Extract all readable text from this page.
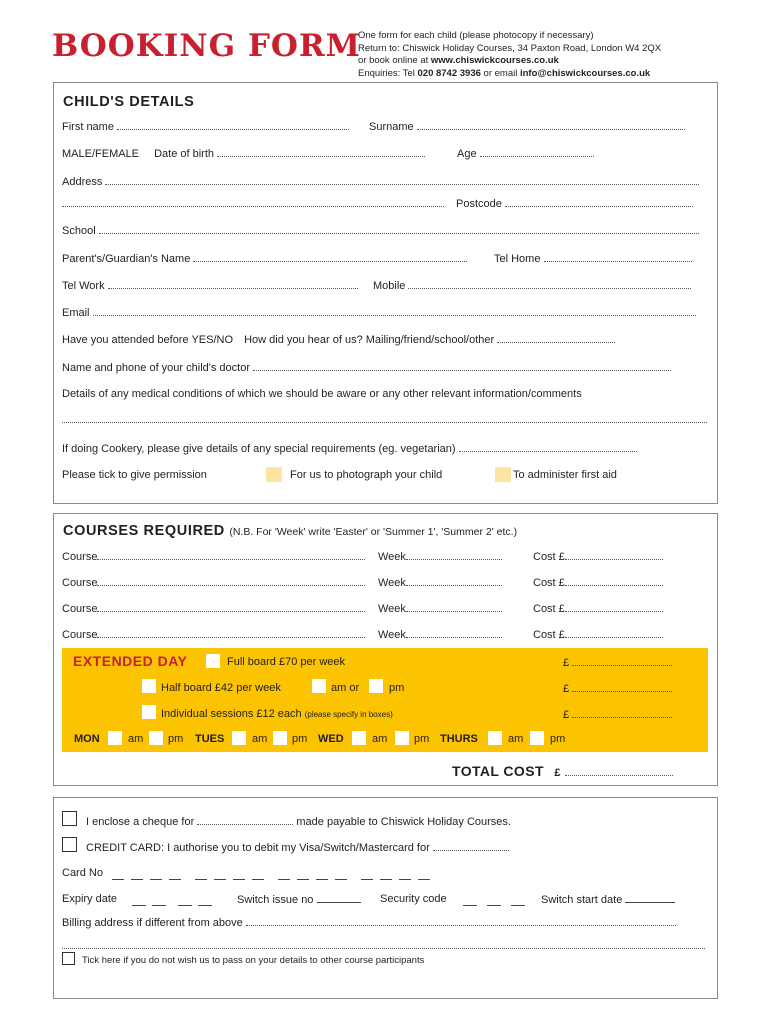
BOOKING FORM
One form for each child (please photocopy if necessary)
Return to: Chiswick Holiday Courses, 34 Paxton Road, London W4 2QX
or book online at www.chiswickcourses.co.uk
Enquiries: Tel 020 8742 3936 or email info@chiswickcourses.co.uk
CHILD'S DETAILS
First name	Surname
MALE/FEMALE Date of birth	Age
Address
Postcode
School
Parent's/Guardian's Name	Tel Home
Tel Work	Mobile
Email
Have you attended before YES/NO How did you hear of us? Mailing/friend/school/other
Name and phone of your child's doctor
Details of any medical conditions of which we should be aware or any other relevant information/comments
If doing Cookery, please give details of any special requirements (eg. vegetarian)
Please tick to give permission	For us to photograph your child	To administer first aid
COURSES REQUIRED (N.B. For 'Week' write 'Easter' or 'Summer 1', 'Summer 2' etc.)
Course	Week	Cost £
Course	Week	Cost £
Course	Week	Cost £
Course	Week	Cost £
EXTENDED DAY	Full board £70 per week	£
Half board £42 per week	am or	pm	£
Individual sessions £12 each (please specify in boxes)	£
MON	am pm TUES	am pm WED	am pm THURS	am pm
TOTAL COST £
I enclose a cheque for	made payable to Chiswick Holiday Courses.
CREDIT CARD: I authorise you to debit my Visa/Switch/Mastercard for
Card No
Expiry date	Switch issue no	Security code	Switch start date
Billing address if different from above
Tick here if you do not wish us to pass on your details to other course participants
